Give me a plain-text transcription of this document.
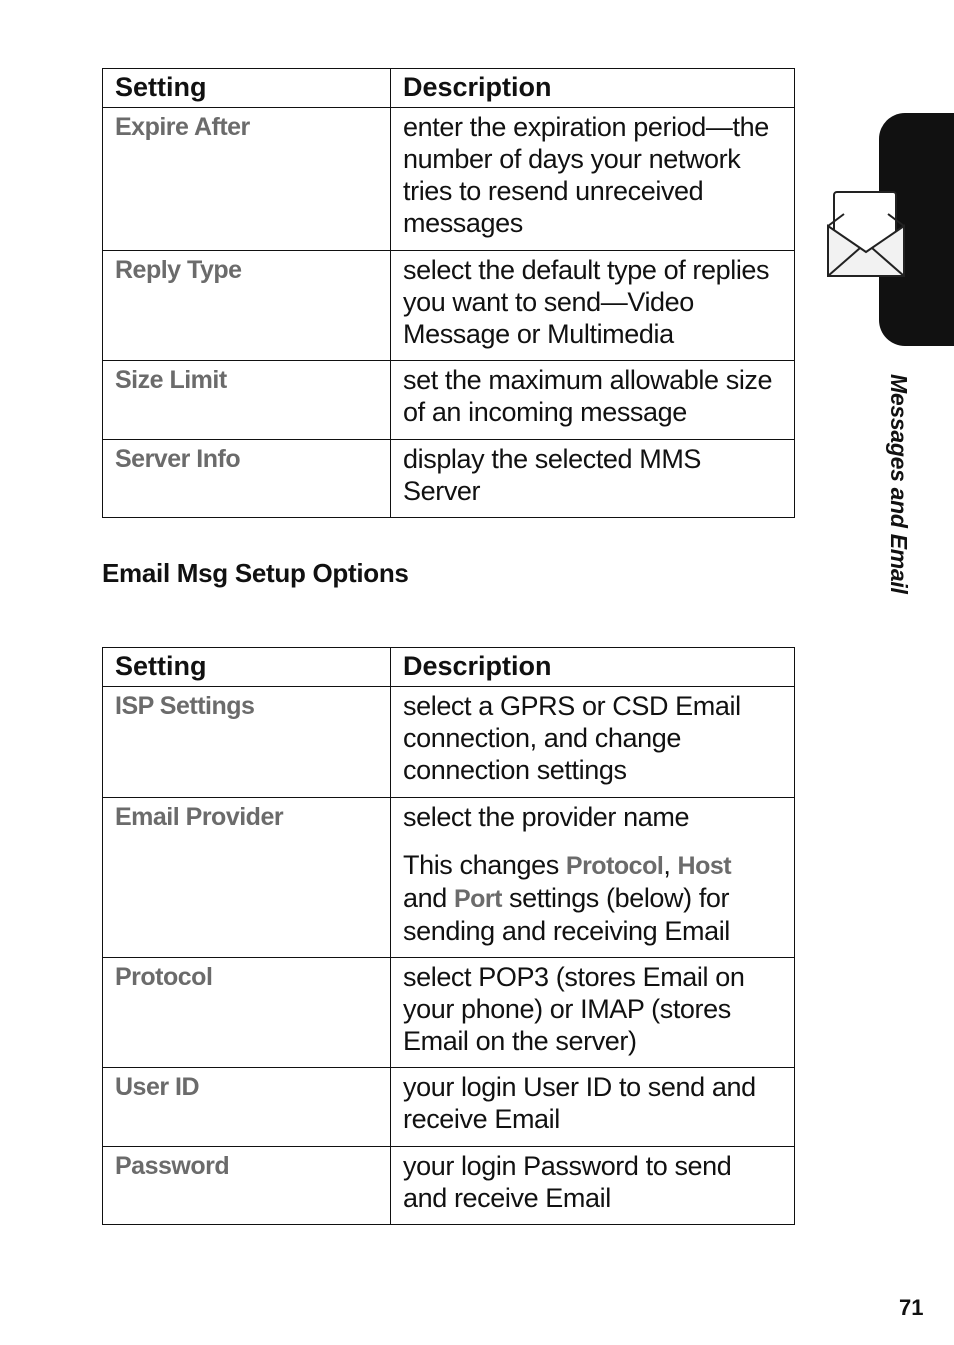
Setting	Description
Expire After	enter the expiration period—the number of days your network tries to resend unreceived messages
Reply Type	select the default type of replies you want to send—Video Message or Multimedia
Size Limit	set the maximum allowable size of an incoming message
Server Info	display the selected MMS Server
Email Msg Setup Options
Setting	Description
ISP Settings	select a GPRS or CSD Email connection, and change connection settings
Email Provider	select the provider name

This changes Protocol, Host and Port settings (below) for sending and receiving Email

Protocol	select POP3 (stores Email on your phone) or IMAP (stores Email on the server)
User ID	your login User ID to send and receive Email
Password	your login Password to send and receive Email
Messages and Email
71
